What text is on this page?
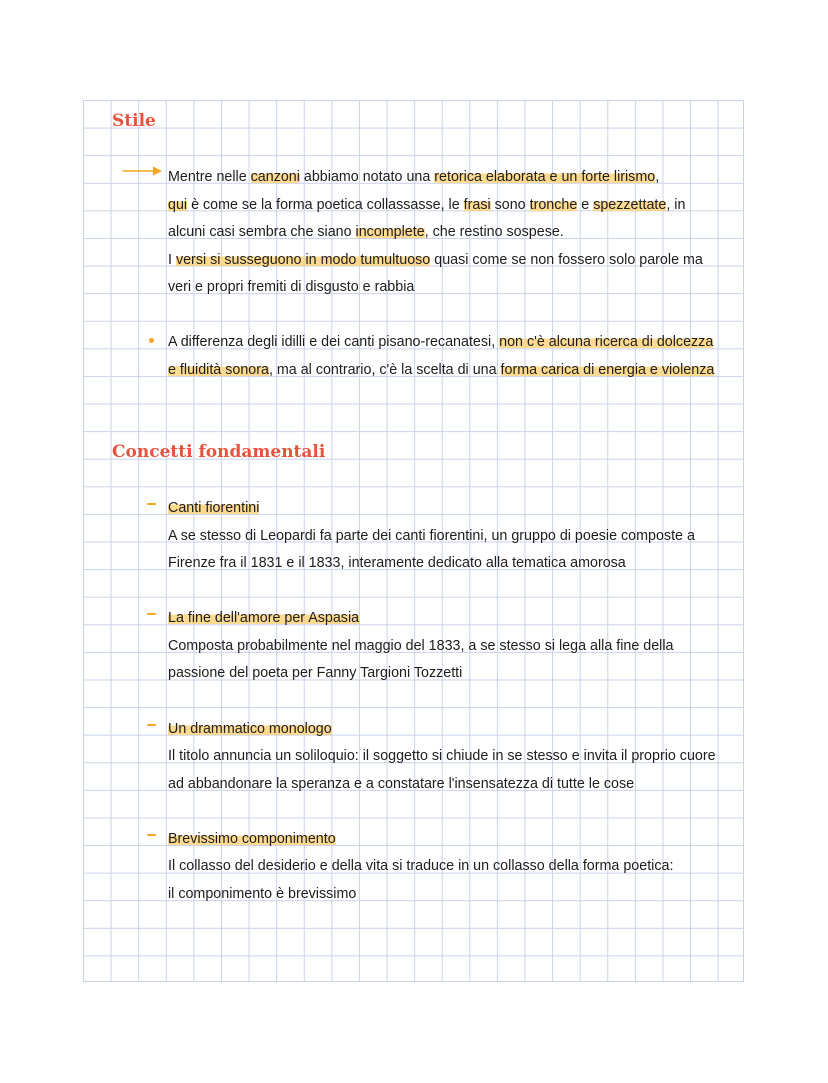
Stile

Mentre nelle canzoni abbiamo notato una retorica elaborata e un forte lirismo,

qui è come se la forma poetica collassasse, le frasi sono tronche e spezzettate, in

alcuni casi sembra che siano incomplete, che restino sospese.

I versi si susseguono in modo tumultuoso quasi come se non fossero solo parole ma

veri e propri fremiti di disgusto e rabbia

A differenza degli idilli e dei canti pisano-recanatesi, non c'è alcuna ricerca di dolcezza

e fluidità sonora, ma al contrario, c'è la scelta di una forma carica di energia e violenza

Concetti fondamentali

Canti fiorentini

A se stesso di Leopardi fa parte dei canti fiorentini, un gruppo di poesie composte a

Firenze fra il 1831 e il 1833, interamente dedicato alla tematica amorosa

La fine dell'amore per Aspasia

Composta probabilmente nel maggio del 1833, a se stesso si lega alla fine della

passione del poeta per Fanny Targioni Tozzetti

Un drammatico monologo

Il titolo annuncia un soliloquio: il soggetto si chiude in se stesso e invita il proprio cuore

ad abbandonare la speranza e a constatare l'insensatezza di tutte le cose

Brevissimo componimento

Il collasso del desiderio e della vita si traduce in un collasso della forma poetica:

il componimento è brevissimo
